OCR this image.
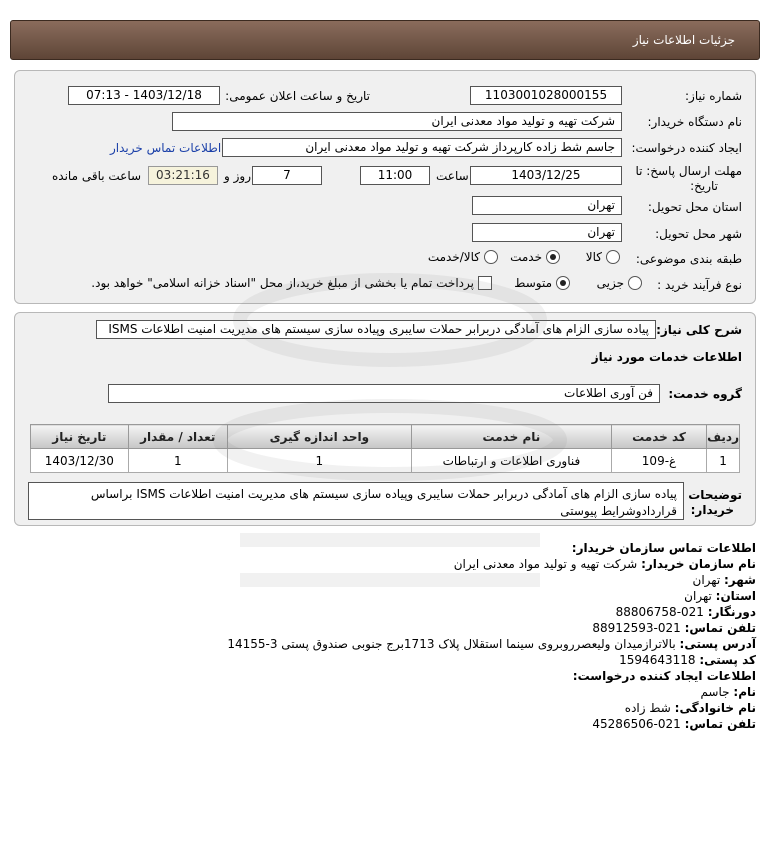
جزئیات اطلاعات نیاز
شماره نیاز:
1103001028000155
تاریخ و ساعت اعلان عمومی:
1403/12/18 - 07:13
نام دستگاه خریدار:
شرکت تهیه و تولید مواد معدنی ایران
ایجاد کننده درخواست:
جاسم شط زاده کارپرداز شرکت تهیه و تولید مواد معدنی ایران
اطلاعات تماس خریدار
مهلت ارسال پاسخ: تا
تاریخ:
1403/12/25
ساعت
11:00
7
روز و
03:21:16
ساعت باقی مانده
استان محل تحویل:
تهران
شهر محل تحویل:
تهران
طبقه بندی موضوعی:
کالا
خدمت
کالا/خدمت
نوع فرآیند خرید :
جزیی
متوسط
پرداخت تمام یا بخشی از مبلغ خرید،از محل "اسناد خزانه اسلامی" خواهد بود.
شرح کلی نیاز:
پیاده سازی الزام های آمادگی دربرابر حملات سایبری وپیاده سازی سیستم های مدیریت امنیت اطلاعات ISMS
اطلاعات خدمات مورد نیاز
گروه خدمت:
فن آوری اطلاعات
ردیف	کد خدمت	نام خدمت	واحد اندازه گیری	تعداد / مقدار	تاریخ نیاز
1	غ-109	فناوری اطلاعات و ارتباطات	1	1	1403/12/30
توضیحات
خریدار:
پیاده سازی الزام های آمادگی دربرابر حملات سایبری وپیاده سازی سیستم های مدیریت امنیت اطلاعات ISMS براساس قراردادوشرایط پیوستی
اطلاعات تماس سازمان خریدار:
نام سازمان خریدار: شرکت تهیه و تولید مواد معدنی ایران
شهر: تهران
استان: تهران
دورنگار: 021-88806758
تلفن تماس: 021-88912593
آدرس پستی: بالاترازمیدان ولیعصرروبروی سینما استقلال پلاک 1713برج جنوبی صندوق پستی 3-14155
کد پستی: 1594643118
اطلاعات ایجاد کننده درخواست:
نام: جاسم
نام خانوادگی: شط زاده
تلفن تماس: 021-45286506
